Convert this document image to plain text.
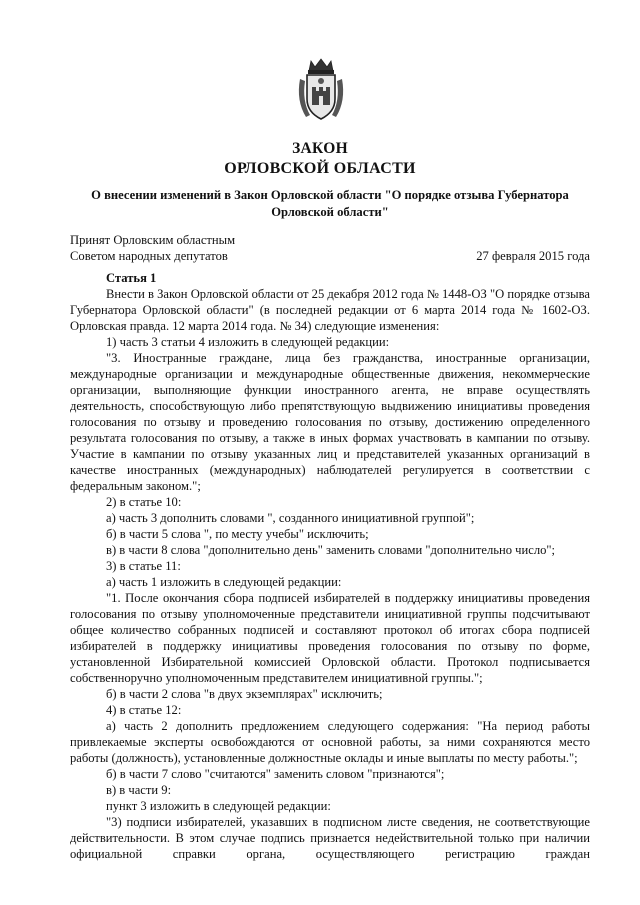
ЗАКОН
ОРЛОВСКОЙ ОБЛАСТИ
О внесении изменений в Закон Орловской области "О порядке отзыва Губернатора Орловской области"
Принят Орловским областным
Советом народных депутатов	27 февраля 2015 года

Статья 1

Внести в Закон Орловской области от 25 декабря 2012 года № 1448-ОЗ "О порядке отзыва Губернатора Орловской области" (в последней редакции от 6 марта 2014 года № 1602-ОЗ. Орловская правда. 12 марта 2014 года. № 34) следующие изменения:

1) часть 3 статьи 4 изложить в следующей редакции:

"3. Иностранные граждане, лица без гражданства, иностранные организации, международные организации и международные общественные движения, некоммерческие организации, выполняющие функции иностранного агента, не вправе осуществлять деятельность, способствующую либо препятствующую выдвижению инициативы проведения голосования по отзыву и проведению голосования по отзыву, достижению определенного результата голосования по отзыву, а также в иных формах участвовать в кампании по отзыву. Участие в кампании по отзыву указанных лиц и представителей указанных организаций в качестве иностранных (международных) наблюдателей регулируется в соответствии с федеральным законом.";

2) в статье 10:

а) часть 3 дополнить словами ", созданного инициативной группой";

б) в части 5 слова ", по месту учебы" исключить;

в) в части 8 слова "дополнительно день" заменить словами "дополнительно число";

3) в статье 11:

а) часть 1 изложить в следующей редакции:

"1. После окончания сбора подписей избирателей в поддержку инициативы проведения голосования по отзыву уполномоченные представители инициативной группы подсчитывают общее количество собранных подписей и составляют протокол об итогах сбора подписей избирателей в поддержку инициативы проведения голосования по отзыву по форме, установленной Избирательной комиссией Орловской области. Протокол подписывается собственноручно уполномоченным представителем инициативной группы.";

б) в части 2 слова "в двух экземплярах" исключить;

4) в статье 12:

а) часть 2 дополнить предложением следующего содержания: "На период работы привлекаемые эксперты освобождаются от основной работы, за ними сохраняются место работы (должность), установленные должностные оклады и иные выплаты по месту работы.";

б) в части 7 слово "считаются" заменить словом "признаются";

в) в части 9:

пункт 3 изложить в следующей редакции:

"3) подписи избирателей, указавших в подписном листе сведения, не соответствующие действительности. В этом случае подпись признается недействительной только при наличии официальной справки органа, осуществляющего регистрацию граждан
